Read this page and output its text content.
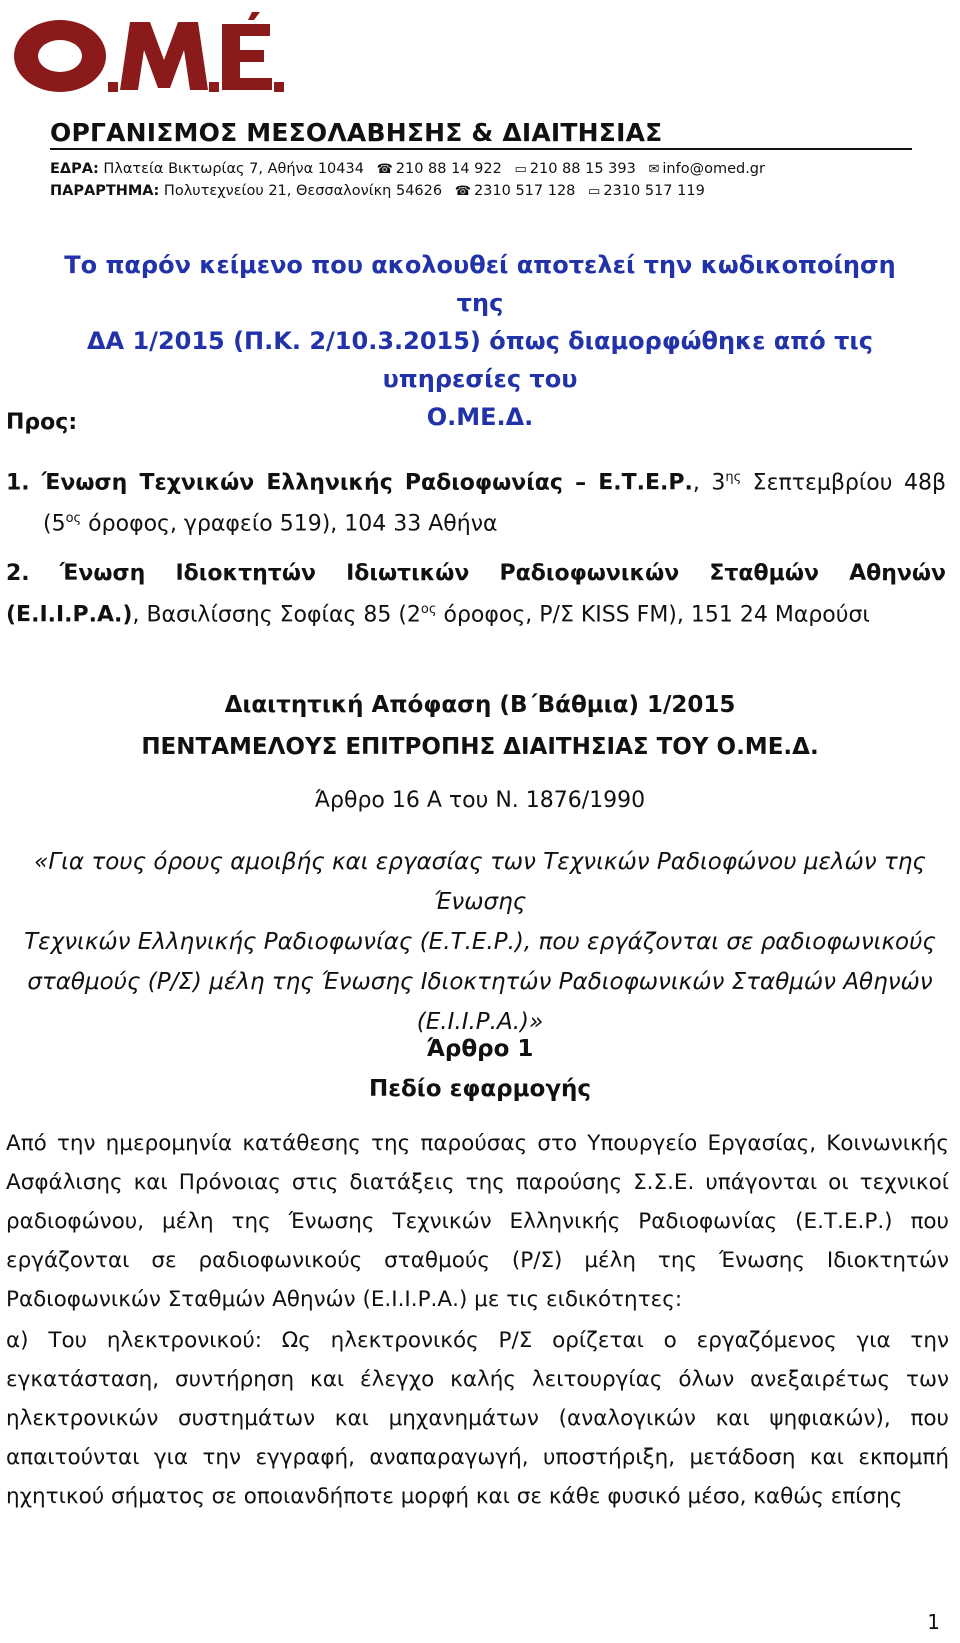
ΟΡΓΑΝΙΣΜΟΣ ΜΕΣΟΛΑΒΗΣΗΣ & ΔΙΑΙΤΗΣΙΑΣ
ΕΔΡΑ: Πλατεία Βικτωρίας 7, Αθήνα 10434 ☎ 210 88 14 922 ▭ 210 88 15 393 ✉ info@omed.gr
ΠΑΡΑΡΤΗΜΑ: Πολυτεχνείου 21, Θεσσαλονίκη 54626 ☎ 2310 517 128 ▭ 2310 517 119
Το παρόν κείμενο που ακολουθεί αποτελεί την κωδικοποίηση της
ΔΑ 1/2015 (Π.Κ. 2/10.3.2015) όπως διαμορφώθηκε από τις υπηρεσίες του
Ο.ΜΕ.Δ.
Προς:
1. Ένωση Τεχνικών Ελληνικής Ραδιοφωνίας – Ε.Τ.Ε.Ρ., $3^{\eta\varsigma}$ Σεπτεμβρίου 48β
($5^{o\varsigma}$ όροφος, γραφείο 519), 104 33 Αθήνα
2. Ένωση Ιδιοκτητών Ιδιωτικών Ραδιοφωνικών Σταθμών Αθηνών
(Ε.Ι.Ι.Ρ.Α.), Βασιλίσσης Σοφίας 85 ($2^{o\varsigma}$ όροφος, Ρ/Σ KISS FM), 151 24 Μαρούσι
Διαιτητική Απόφαση (Β΄Βάθμια) 1/2015
ΠΕΝΤΑΜΕΛΟΥΣ ΕΠΙΤΡΟΠΗΣ ΔΙΑΙΤΗΣΙΑΣ ΤΟΥ Ο.ΜΕ.Δ.
Άρθρο 16 Α του Ν. 1876/1990
«Για τους όρους αμοιβής και εργασίας των Τεχνικών Ραδιοφώνου μελών της Ένωσης
Τεχνικών Ελληνικής Ραδιοφωνίας (Ε.Τ.Ε.Ρ.), που εργάζονται σε ραδιοφωνικούς
σταθμούς (Ρ/Σ) μέλη της Ένωσης Ιδιοκτητών Ραδιοφωνικών Σταθμών Αθηνών
(Ε.Ι.Ι.Ρ.Α.)»
Άρθρο 1
Πεδίο εφαρμογής
Από την ημερομηνία κατάθεσης της παρούσας στο Υπουργείο Εργασίας, Κοινωνικής Ασφάλισης και Πρόνοιας στις διατάξεις της παρούσης Σ.Σ.Ε. υπάγονται οι τεχνικοί ραδιοφώνου, μέλη της Ένωσης Τεχνικών Ελληνικής Ραδιοφωνίας (Ε.Τ.Ε.Ρ.) που εργάζονται σε ραδιοφωνικούς σταθμούς (Ρ/Σ) μέλη της Ένωσης Ιδιοκτητών Ραδιοφωνικών Σταθμών Αθηνών (Ε.Ι.Ι.Ρ.Α.) με τις ειδικότητες:
α) Του ηλεκτρονικού: Ως ηλεκτρονικός Ρ/Σ ορίζεται ο εργαζόμενος για την εγκατάσταση, συντήρηση και έλεγχο καλής λειτουργίας όλων ανεξαιρέτως των ηλεκτρονικών συστημάτων και μηχανημάτων (αναλογικών και ψηφιακών), που απαιτούνται για την εγγραφή, αναπαραγωγή, υποστήριξη, μετάδοση και εκπομπή ηχητικού σήματος σε οποιανδήποτε μορφή και σε κάθε φυσικό μέσο, καθώς επίσης
1
